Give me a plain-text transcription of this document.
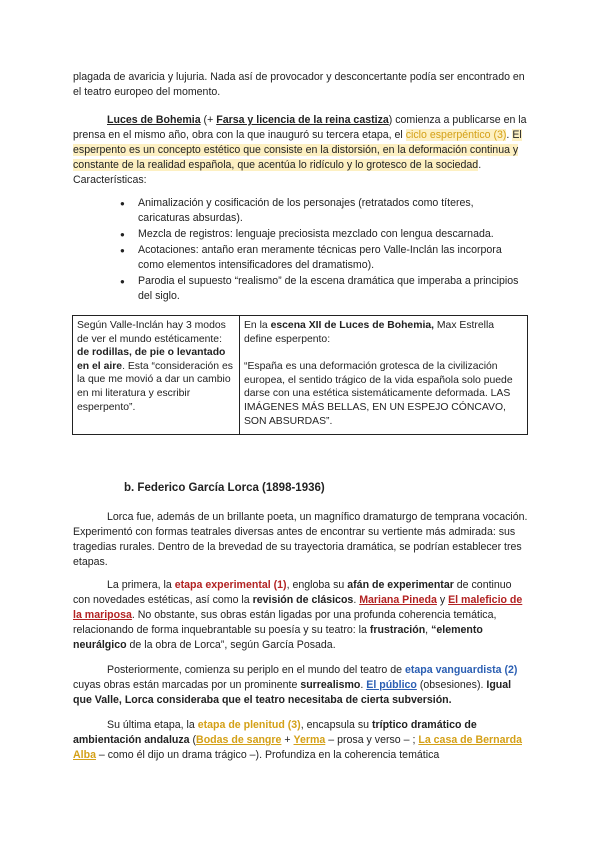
plagada de avaricia y lujuria. Nada así de provocador y desconcertante podía ser encontrado en el teatro europeo del momento.

Luces de Bohemia (+ Farsa y licencia de la reina castiza) comienza a publicarse en la prensa en el mismo año, obra con la que inauguró su tercera etapa, el ciclo esperpéntico (3). El esperpento es un concepto estético que consiste en la distorsión, en la deformación continua y constante de la realidad española, que acentúa lo ridículo y lo grotesco de la sociedad. Características:

● Animalización y cosificación de los personajes (retratados como títeres, caricaturas absurdas).
● Mezcla de registros: lenguaje preciosista mezclado con lengua descarnada.
● Acotaciones: antaño eran meramente técnicas pero Valle-Inclán las incorpora como elementos intensificadores del dramatismo).
● Parodia el supuesto “realismo” de la escena dramática que imperaba a principios del siglo.
Según Valle-Inclán hay 3 modos de ver el mundo estéticamente: de rodillas, de pie o levantado en el aire. Esta “consideración es la que me movió a dar un cambio en mi literatura y escribir esperpento”.	En la escena XII de Luces de Bohemia, Max Estrella define esperpento:
“España es una deformación grotesca de la civilización europea, el sentido trágico de la vida española solo puede darse con una estética sistemáticamente deformada. LAS IMÁGENES MÁS BELLAS, EN UN ESPEJO CÓNCAVO, SON ABSURDAS”.
b. Federico García Lorca (1898-1936)

Lorca fue, además de un brillante poeta, un magnífico dramaturgo de temprana vocación. Experimentó con formas teatrales diversas antes de encontrar su vertiente más admirada: sus tragedias rurales. Dentro de la brevedad de su trayectoria dramática, se podrían establecer tres etapas.

La primera, la etapa experimental (1), engloba su afán de experimentar de continuo con novedades estéticas, así como la revisión de clásicos. Mariana Pineda y El maleficio de la mariposa. No obstante, sus obras están ligadas por una profunda coherencia temática, relacionando de forma inquebrantable su poesía y su teatro: la frustración, “elemento neurálgico de la obra de Lorca”, según García Posada.

Posteriormente, comienza su periplo en el mundo del teatro de etapa vanguardista (2) cuyas obras están marcadas por un prominente surrealismo. El público (obsesiones). Igual que Valle, Lorca consideraba que el teatro necesitaba de cierta subversión.

Su última etapa, la etapa de plenitud (3), encapsula su tríptico dramático de ambientación andaluza (Bodas de sangre + Yerma – prosa y verso – ; La casa de Bernarda Alba – como él dijo un drama trágico –). Profundiza en la coherencia temática
